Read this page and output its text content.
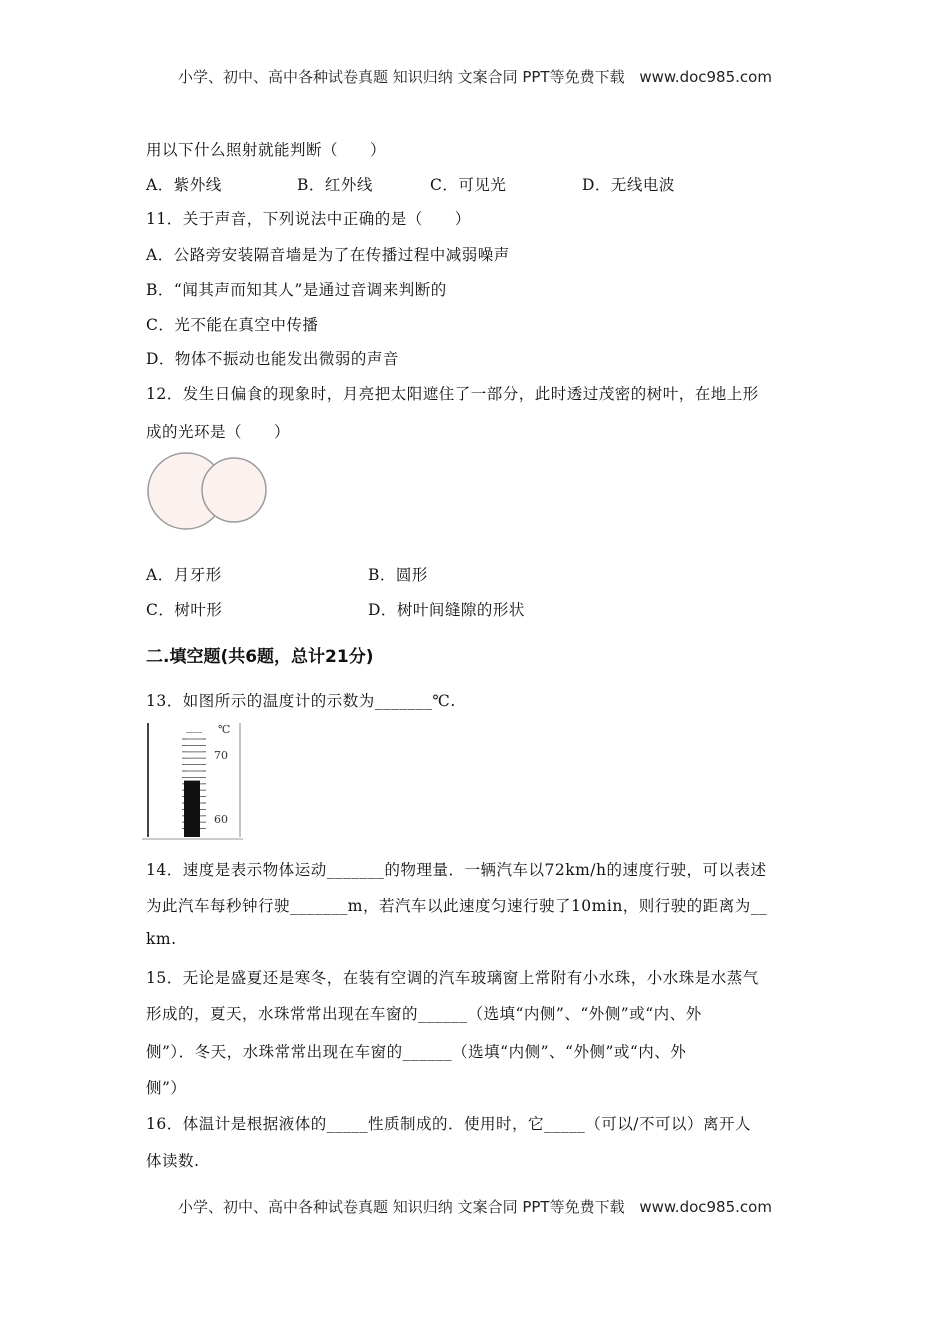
小学、初中、高中各种试卷真题 知识归纳 文案合同 PPT等免费下载 www.doc985.com
用以下什么照射就能判断（　　）
A．紫外线	B．红外线	C．可见光	D．无线电波
11．关于声音，下列说法中正确的是（　　）
A．公路旁安装隔音墙是为了在传播过程中减弱噪声
B．“闻其声而知其人”是通过音调来判断的
C．光不能在真空中传播
D．物体不振动也能发出微弱的声音
12．发生日偏食的现象时，月亮把太阳遮住了一部分，此时透过茂密的树叶，在地上形
成的光环是（　　）
A．月牙形	B．圆形
C．树叶形	D．树叶间缝隙的形状
二.填空题(共6题，总计21分)
13．如图所示的温度计的示数为_______℃.
℃
70
60
14．速度是表示物体运动_______的物理量．一辆汽车以72km/h的速度行驶，可以表述
为此汽车每秒钟行驶_______m，若汽车以此速度匀速行驶了10min，则行驶的距离为__
km.
15．无论是盛夏还是寒冬，在装有空调的汽车玻璃窗上常附有小水珠，小水珠是水蒸气
形成的，夏天，水珠常常出现在车窗的______（选填“内侧”、“外侧”或“内、外
侧”）．冬天，水珠常常出现在车窗的______（选填“内侧”、“外侧”或“内、外
侧”）
16．体温计是根据液体的_____性质制成的．使用时，它_____（可以/不可以）离开人
体读数.
小学、初中、高中各种试卷真题 知识归纳 文案合同 PPT等免费下载 www.doc985.com
